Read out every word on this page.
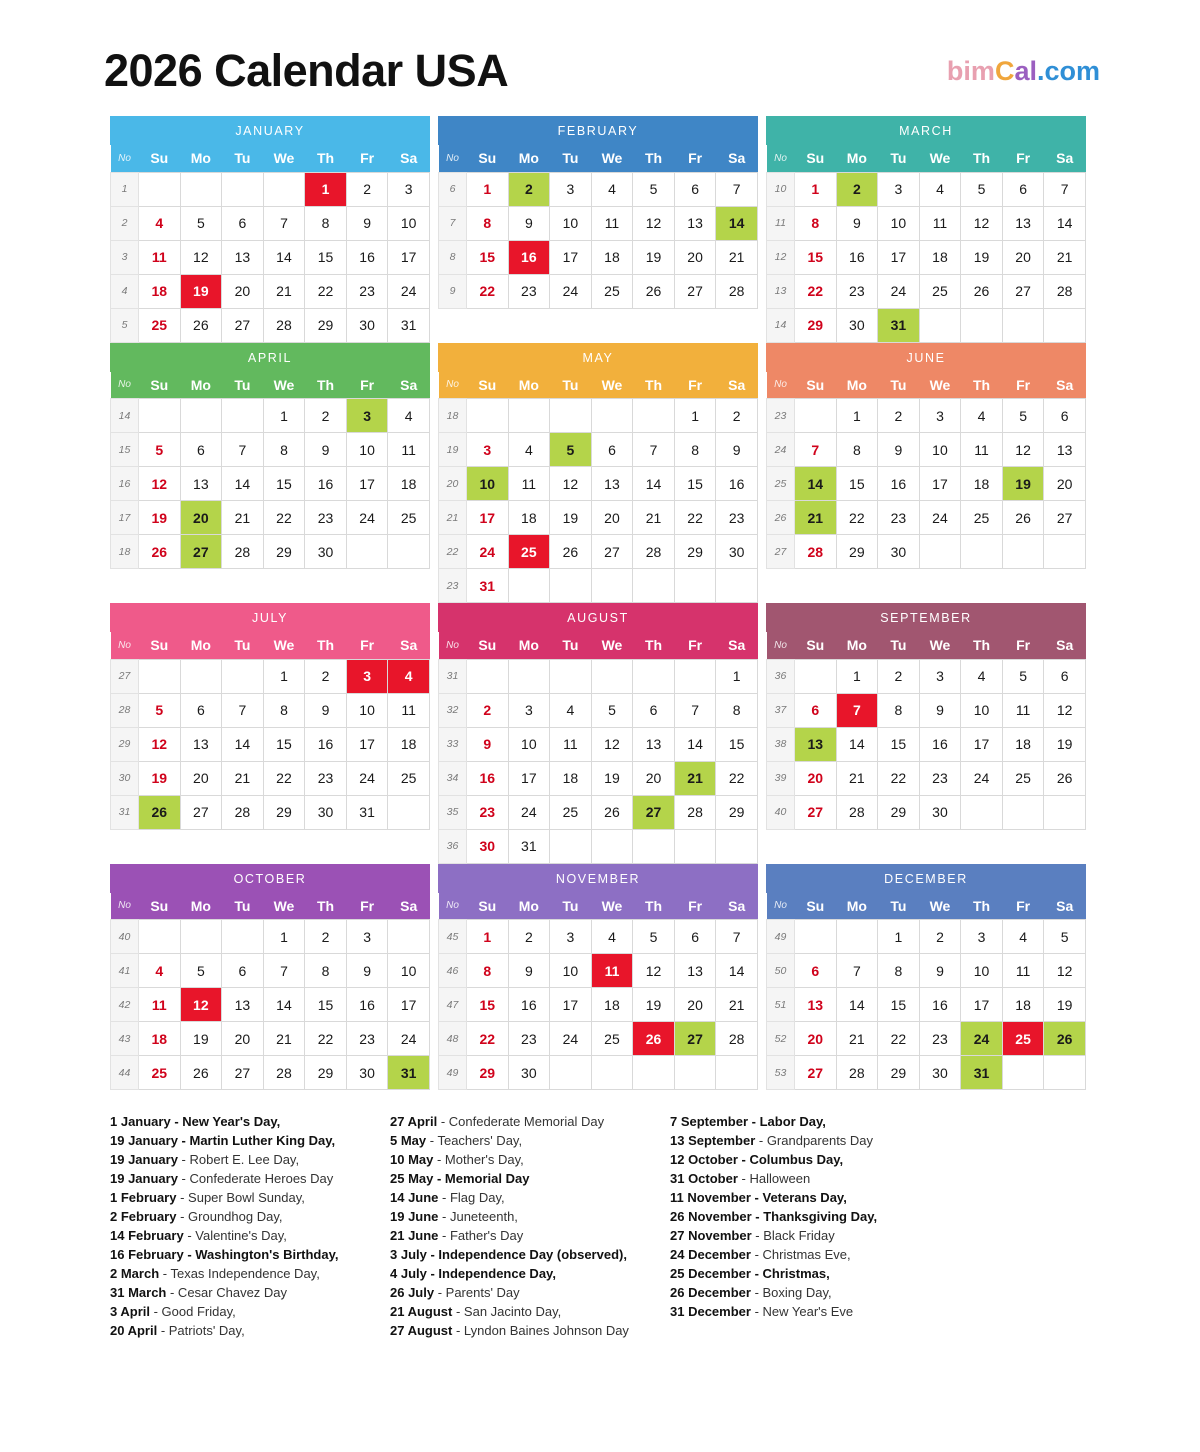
2026 Calendar USA	bimCal.com
JANUARY
No	Su	Mo	Tu	We	Th	Fr	Sa
1					1	2	3
2	4	5	6	7	8	9	10
3	11	12	13	14	15	16	17
4	18	19	20	21	22	23	24
5	25	26	27	28	29	30	31
FEBRUARY
No	Su	Mo	Tu	We	Th	Fr	Sa
6	1	2	3	4	5	6	7
7	8	9	10	11	12	13	14
8	15	16	17	18	19	20	21
9	22	23	24	25	26	27	28
MARCH
No	Su	Mo	Tu	We	Th	Fr	Sa
10	1	2	3	4	5	6	7
11	8	9	10	11	12	13	14
12	15	16	17	18	19	20	21
13	22	23	24	25	26	27	28
14	29	30	31				
APRIL
No	Su	Mo	Tu	We	Th	Fr	Sa
14				1	2	3	4
15	5	6	7	8	9	10	11
16	12	13	14	15	16	17	18
17	19	20	21	22	23	24	25
18	26	27	28	29	30		
MAY
No	Su	Mo	Tu	We	Th	Fr	Sa
18						1	2
19	3	4	5	6	7	8	9
20	10	11	12	13	14	15	16
21	17	18	19	20	21	22	23
22	24	25	26	27	28	29	30
23	31						
JUNE
No	Su	Mo	Tu	We	Th	Fr	Sa
23		1	2	3	4	5	6
24	7	8	9	10	11	12	13
25	14	15	16	17	18	19	20
26	21	22	23	24	25	26	27
27	28	29	30				
JULY
No	Su	Mo	Tu	We	Th	Fr	Sa
27				1	2	3	4
28	5	6	7	8	9	10	11
29	12	13	14	15	16	17	18
30	19	20	21	22	23	24	25
31	26	27	28	29	30	31	
AUGUST
No	Su	Mo	Tu	We	Th	Fr	Sa
31							1
32	2	3	4	5	6	7	8
33	9	10	11	12	13	14	15
34	16	17	18	19	20	21	22
35	23	24	25	26	27	28	29
36	30	31					
SEPTEMBER
No	Su	Mo	Tu	We	Th	Fr	Sa
36		1	2	3	4	5	6
37	6	7	8	9	10	11	12
38	13	14	15	16	17	18	19
39	20	21	22	23	24	25	26
40	27	28	29	30			
OCTOBER
No	Su	Mo	Tu	We	Th	Fr	Sa
40				1	2	3	
41	4	5	6	7	8	9	10
42	11	12	13	14	15	16	17
43	18	19	20	21	22	23	24
44	25	26	27	28	29	30	31
NOVEMBER
No	Su	Mo	Tu	We	Th	Fr	Sa
45	1	2	3	4	5	6	7
46	8	9	10	11	12	13	14
47	15	16	17	18	19	20	21
48	22	23	24	25	26	27	28
49	29	30					
DECEMBER
No	Su	Mo	Tu	We	Th	Fr	Sa
49			1	2	3	4	5
50	6	7	8	9	10	11	12
51	13	14	15	16	17	18	19
52	20	21	22	23	24	25	26
53	27	28	29	30	31		
1 January - New Year's Day,
19 January - Martin Luther King Day,
19 January - Robert E. Lee Day,
19 January - Confederate Heroes Day
1 February - Super Bowl Sunday,
2 February - Groundhog Day,
14 February - Valentine's Day,
16 February - Washington's Birthday,
2 March - Texas Independence Day,
31 March - Cesar Chavez Day
3 April - Good Friday,
20 April - Patriots' Day,
27 April - Confederate Memorial Day
5 May - Teachers' Day,
10 May - Mother's Day,
25 May - Memorial Day
14 June - Flag Day,
19 June - Juneteenth,
21 June - Father's Day
3 July - Independence Day (observed),
4 July - Independence Day,
26 July - Parents' Day
21 August - San Jacinto Day,
27 August - Lyndon Baines Johnson Day
7 September - Labor Day,
13 September - Grandparents Day
12 October - Columbus Day,
31 October - Halloween
11 November - Veterans Day,
26 November - Thanksgiving Day,
27 November - Black Friday
24 December - Christmas Eve,
25 December - Christmas,
26 December - Boxing Day,
31 December - New Year's Eve
